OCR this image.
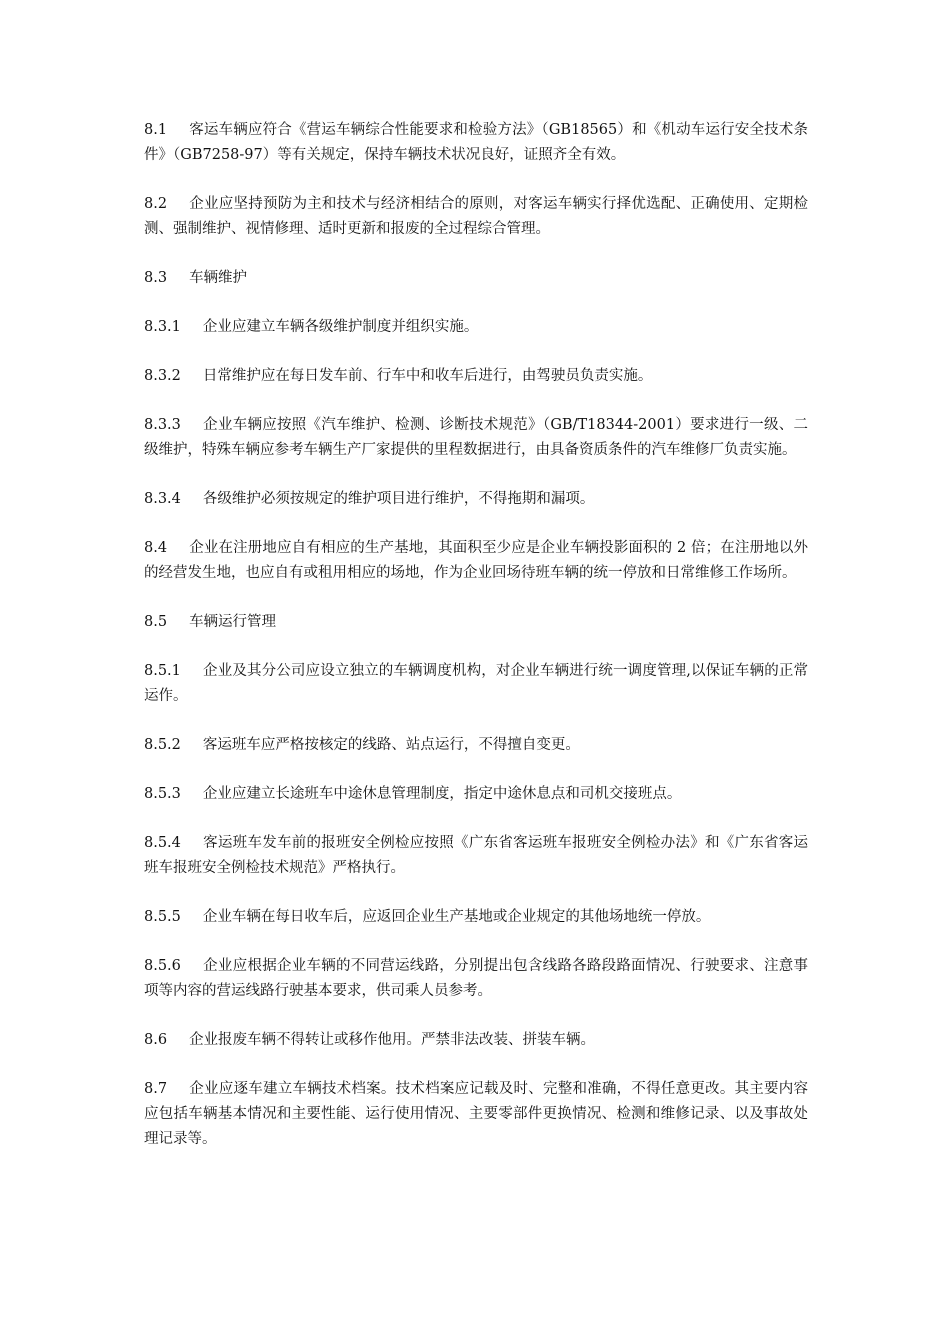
8.1 客运车辆应符合《营运车辆综合性能要求和检验方法》（GB18565）和《机动车运行安全技术条件》（GB7258-97）等有关规定，保持车辆技术状况良好，证照齐全有效。

8.2 企业应坚持预防为主和技术与经济相结合的原则，对客运车辆实行择优选配、正确使用、定期检测、强制维护、视情修理、适时更新和报废的全过程综合管理。

8.3 车辆维护

8.3.1 企业应建立车辆各级维护制度并组织实施。

8.3.2 日常维护应在每日发车前、行车中和收车后进行，由驾驶员负责实施。

8.3.3 企业车辆应按照《汽车维护、检测、诊断技术规范》（GB/T18344-2001）要求进行一级、二级维护，特殊车辆应参考车辆生产厂家提供的里程数据进行，由具备资质条件的汽车维修厂负责实施。

8.3.4 各级维护必须按规定的维护项目进行维护，不得拖期和漏项。

8.4 企业在注册地应自有相应的生产基地，其面积至少应是企业车辆投影面积的 2 倍；在注册地以外的经营发生地，也应自有或租用相应的场地，作为企业回场待班车辆的统一停放和日常维修工作场所。

8.5 车辆运行管理

8.5.1 企业及其分公司应设立独立的车辆调度机构，对企业车辆进行统一调度管理,以保证车辆的正常运作。

8.5.2 客运班车应严格按核定的线路、站点运行，不得擅自变更。

8.5.3 企业应建立长途班车中途休息管理制度，指定中途休息点和司机交接班点。

8.5.4 客运班车发车前的报班安全例检应按照《广东省客运班车报班安全例检办法》和《广东省客运班车报班安全例检技术规范》严格执行。

8.5.5 企业车辆在每日收车后，应返回企业生产基地或企业规定的其他场地统一停放。

8.5.6 企业应根据企业车辆的不同营运线路，分别提出包含线路各路段路面情况、行驶要求、注意事项等内容的营运线路行驶基本要求，供司乘人员参考。

8.6 企业报废车辆不得转让或移作他用。严禁非法改装、拼装车辆。

8.7 企业应逐车建立车辆技术档案。技术档案应记载及时、完整和准确，不得任意更改。其主要内容应包括车辆基本情况和主要性能、运行使用情况、主要零部件更换情况、检测和维修记录、以及事故处理记录等。
